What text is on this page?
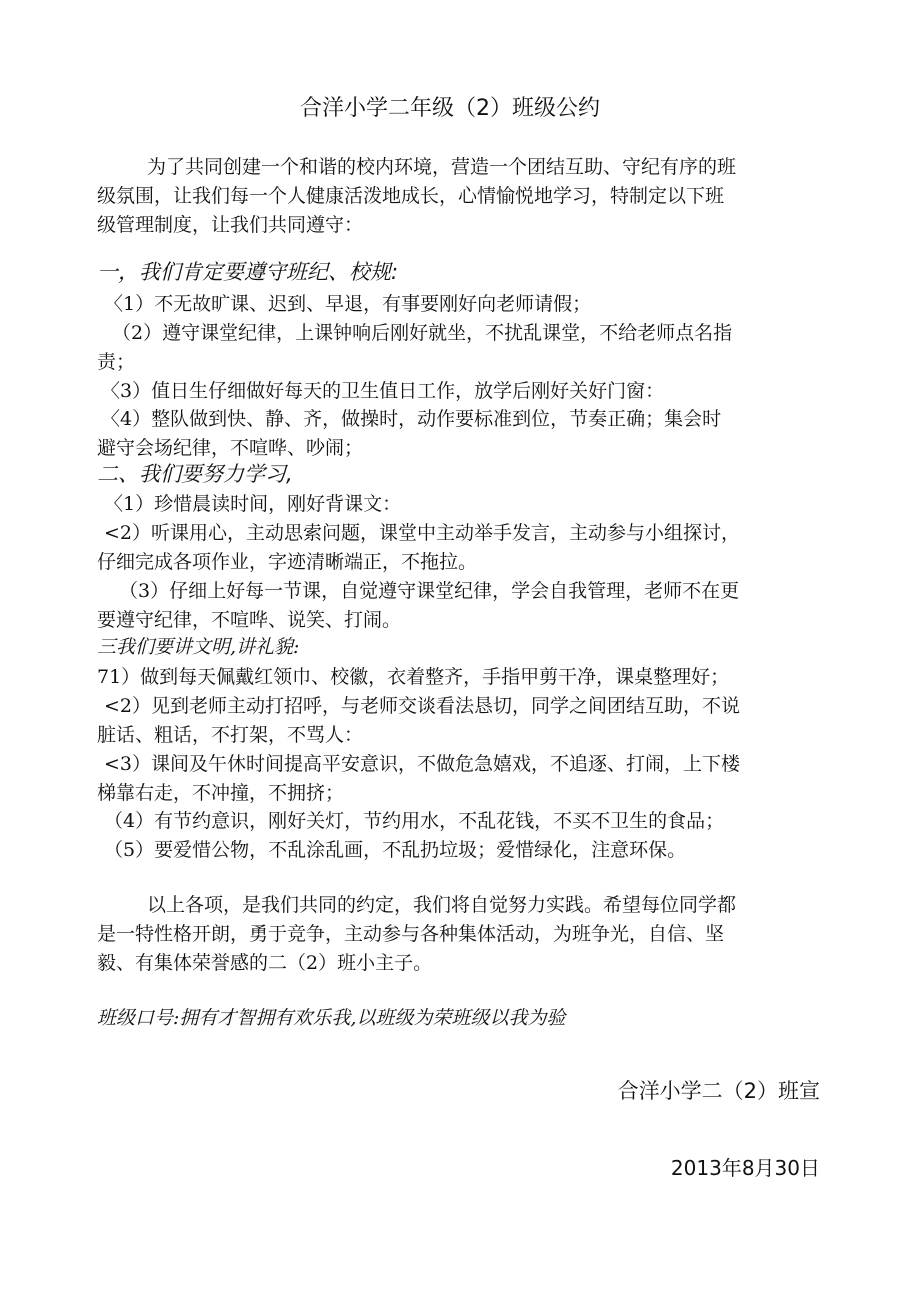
合洋小学二年级（2）班级公约
为了共同创建一个和谐的校内环境，营造一个团结互助、守纪有序的班
级氛围，让我们每一个人健康活泼地成长，心情愉悦地学习，特制定以下班
级管理制度，让我们共同遵守：
一，我们肯定要遵守班纪、校规:
〈1）不无故旷课、迟到、早退，有事要刚好向老师请假；
（2）遵守课堂纪律，上课钟响后刚好就坐，不扰乱课堂，不给老师点名指
责；
〈3）值日生仔细做好每天的卫生值日工作，放学后刚好关好门窗：
〈4）整队做到快、静、齐，做操时，动作要标准到位，节奏正确；集会时
避守会场纪律，不喧哗、吵闹；
二、我们要努力学习,
〈1）珍惜晨读时间，刚好背课文：
<2）听课用心，主动思索问题，课堂中主动举手发言，主动参与小组探讨，
仔细完成各项作业，字迹清晰端正，不拖拉。
（3）仔细上好每一节课，自觉遵守课堂纪律，学会自我管理，老师不在更
要遵守纪律，不喧哗、说笑、打闹。
三我们要讲文明,讲礼貌:
71）做到每天佩戴红领巾、校徽，衣着整齐，手指甲剪干净，课桌整理好；
<2）见到老师主动打招呼，与老师交谈看法恳切，同学之间团结互助，不说
脏话、粗话，不打架，不骂人：
<3）课间及午休时间提高平安意识，不做危急嬉戏，不追逐、打闹，上下楼
梯靠右走，不冲撞，不拥挤；
（4）有节约意识，刚好关灯，节约用水，不乱花钱，不买不卫生的食品；
（5）要爱惜公物，不乱涂乱画，不乱扔垃圾；爱惜绿化，注意环保。
以上各项，是我们共同的约定，我们将自觉努力实践。希望每位同学都
是一特性格开朗，勇于竞争，主动参与各种集体活动，为班争光，自信、坚
毅、有集体荣誉感的二（2）班小主子。
班级口号:拥有才智拥有欢乐我,以班级为荣班级以我为验
合洋小学二（2）班宣
2013年8月30日
